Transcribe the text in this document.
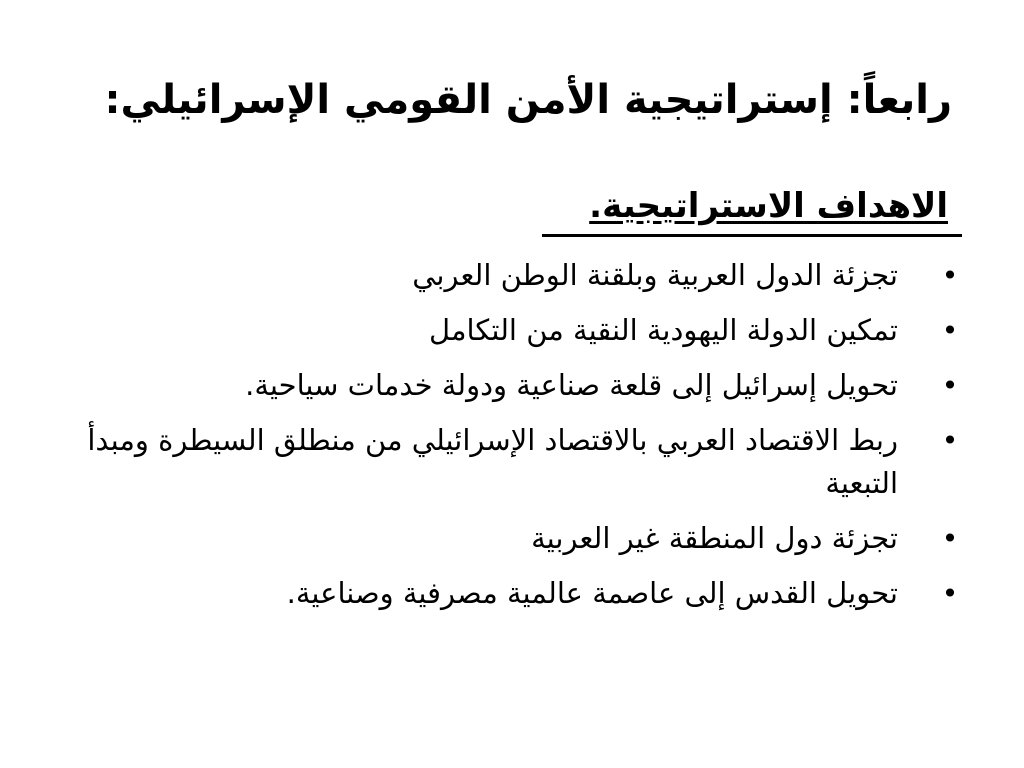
رابعاً: إستراتيجية الأمن القومي الإسرائيلي:
الاهداف الاستراتيجية.
•
تجزئة الدول العربية وبلقنة الوطن العربي
•
تمكين الدولة اليهودية النقية من التكامل
•
تحويل إسرائيل إلى قلعة صناعية ودولة خدمات سياحية.
•
ربط الاقتصاد العربي بالاقتصاد الإسرائيلي من منطلق السيطرة ومبدأ التبعية
•
تجزئة دول المنطقة غير العربية
•
تحويل القدس إلى عاصمة عالمية مصرفية وصناعية.
